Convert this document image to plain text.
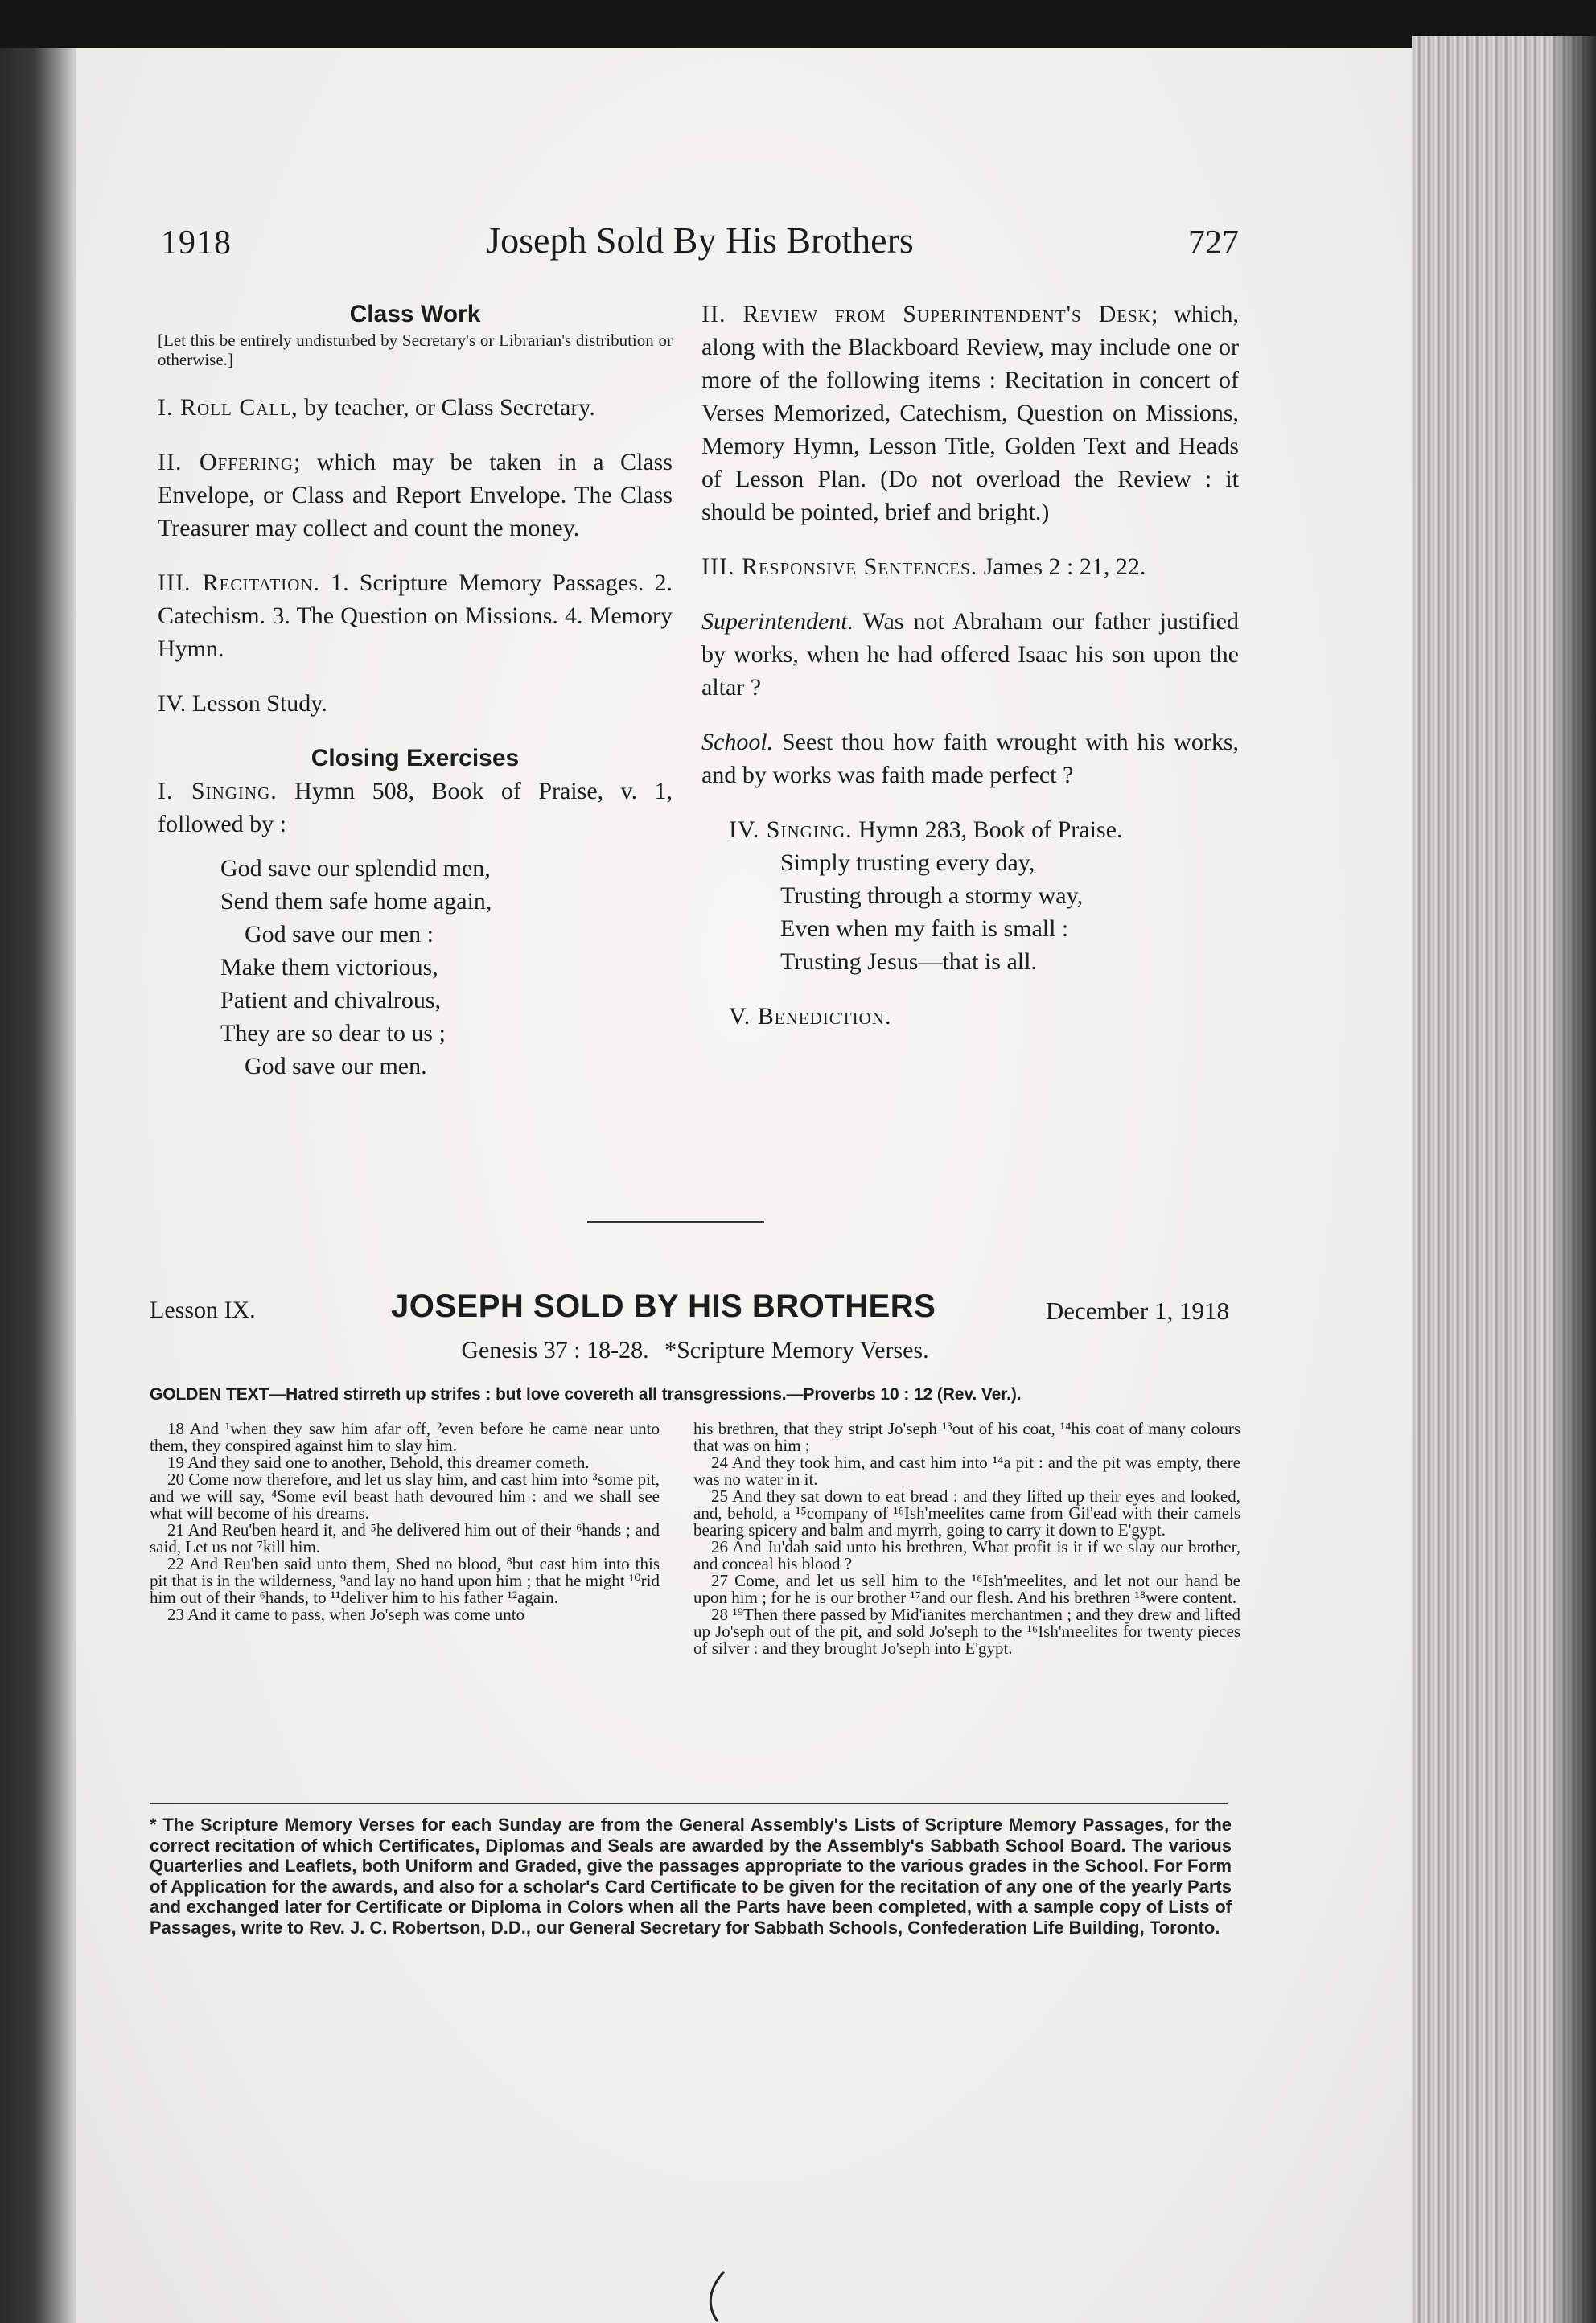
1918	Joseph Sold By His Brothers	727
Class Work

[Let this be entirely undisturbed by Secretary's or Librarian's distribution or otherwise.]

I. Roll Call, by teacher, or Class Secretary.

II. Offering; which may be taken in a Class Envelope, or Class and Report Envelope. The Class Treasurer may collect and count the money.

III. Recitation. 1. Scripture Memory Passages. 2. Catechism. 3. The Question on Missions. 4. Memory Hymn.

IV. Lesson Study.

Closing Exercises

I. Singing. Hymn 508, Book of Praise, v. 1, followed by :

God save our splendid men,
Send them safe home again,
God save our men :
Make them victorious,
Patient and chivalrous,
They are so dear to us ;
God save our men.

II. Review from Superintendent's Desk; which, along with the Blackboard Review, may include one or more of the following items : Recitation in concert of Verses Memorized, Catechism, Question on Missions, Memory Hymn, Lesson Title, Golden Text and Heads of Lesson Plan. (Do not overload the Review : it should be pointed, brief and bright.)

III. Responsive Sentences. James 2 : 21, 22.

Superintendent. Was not Abraham our father justified by works, when he had offered Isaac his son upon the altar ?

School. Seest thou how faith wrought with his works, and by works was faith made perfect ?

IV. Singing. Hymn 283, Book of Praise.

Simply trusting every day,
Trusting through a stormy way,
Even when my faith is small :
Trusting Jesus—that is all.

V. Benediction.

Lesson IX.	JOSEPH SOLD BY HIS BROTHERS	December 1, 1918
Genesis 37 : 18-28. *Scripture Memory Verses.
GOLDEN TEXT—Hatred stirreth up strifes : but love covereth all transgressions.—Proverbs 10 : 12 (Rev. Ver.).

18 And ¹when they saw him afar off, ²even before he came near unto them, they conspired against him to slay him.

19 And they said one to another, Behold, this dreamer cometh.

20 Come now therefore, and let us slay him, and cast him into ³some pit, and we will say, ⁴Some evil beast hath devoured him : and we shall see what will become of his dreams.

21 And Reu'ben heard it, and ⁵he delivered him out of their ⁶hands ; and said, Let us not ⁷kill him.

22 And Reu'ben said unto them, Shed no blood, ⁸but cast him into this pit that is in the wilderness, ⁹and lay no hand upon him ; that he might ¹⁰rid him out of their ⁶hands, to ¹¹deliver him to his father ¹²again.

23 And it came to pass, when Jo'seph was come unto

his brethren, that they stript Jo'seph ¹³out of his coat, ¹⁴his coat of many colours that was on him ;

24 And they took him, and cast him into ¹⁴a pit : and the pit was empty, there was no water in it.

25 And they sat down to eat bread : and they lifted up their eyes and looked, and, behold, a ¹⁵company of ¹⁶Ish'meelites came from Gil'ead with their camels bearing spicery and balm and myrrh, going to carry it down to E'gypt.

26 And Ju'dah said unto his brethren, What profit is it if we slay our brother, and conceal his blood ?

27 Come, and let us sell him to the ¹⁶Ish'meelites, and let not our hand be upon him ; for he is our brother ¹⁷and our flesh. And his brethren ¹⁸were content.

28 ¹⁹Then there passed by Mid'ianites merchantmen ; and they drew and lifted up Jo'seph out of the pit, and sold Jo'seph to the ¹⁶Ish'meelites for twenty pieces of silver : and they brought Jo'seph into E'gypt.

* The Scripture Memory Verses for each Sunday are from the General Assembly's Lists of Scripture Memory Passages, for the correct recitation of which Certificates, Diplomas and Seals are awarded by the Assembly's Sabbath School Board. The various Quarterlies and Leaflets, both Uniform and Graded, give the passages appropriate to the various grades in the School. For Form of Application for the awards, and also for a scholar's Card Certificate to be given for the recitation of any one of the yearly Parts and exchanged later for Certificate or Diploma in Colors when all the Parts have been completed, with a sample copy of Lists of Passages, write to Rev. J. C. Robertson, D.D., our General Secretary for Sabbath Schools, Confederation Life Building, Toronto.
